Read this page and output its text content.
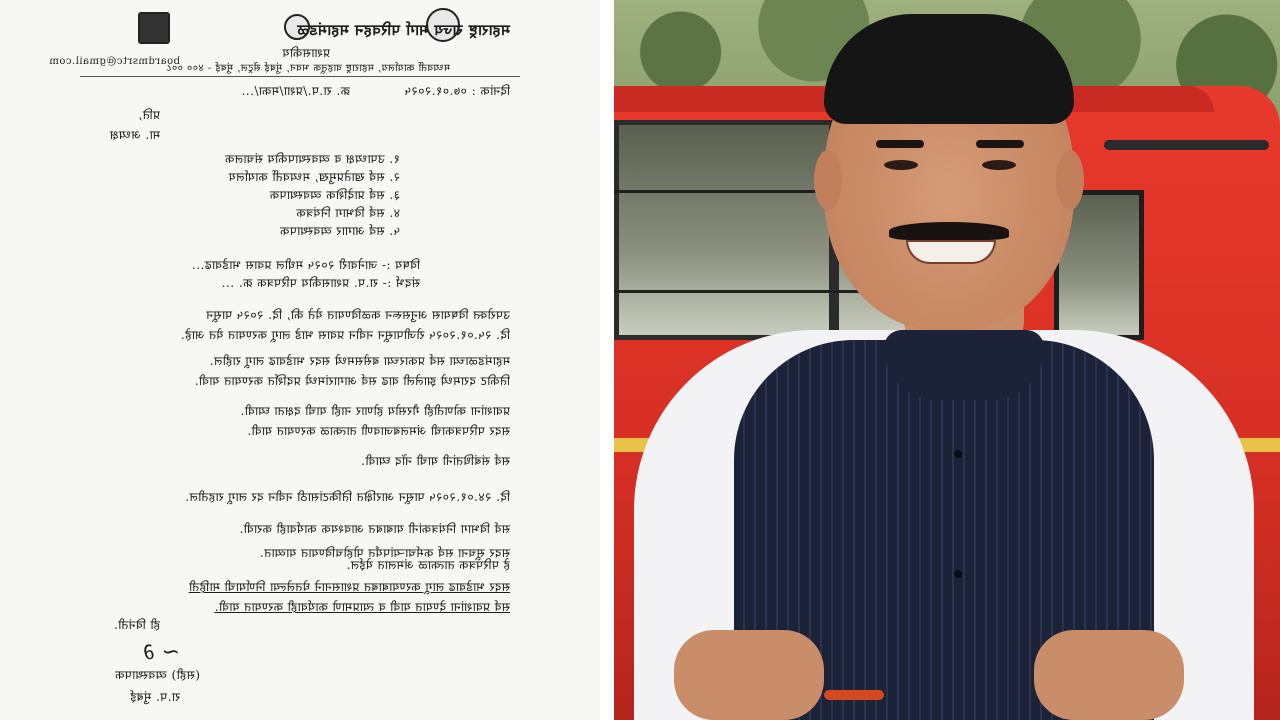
महाराष्ट्र राज्य मार्ग परिवहन महामंडळ
प्रशासकीय
मध्यवर्ती कार्यालय, महाराष्ट्र वाहतूक भवन, मुंबई सेंट्रल, मुंबई - ४०० ००८
boardmsrtc@gmail.com
क्र. रा.प./प्रशा/मका/...	दिनांक : ०७.०१.२०२५
प्रति,
मा. अध्यक्ष
१. उपाध्यक्ष व व्यवस्थापकीय संचालक
२. सर्व खातेप्रमुख, मध्यवर्ती कार्यालय
३. सर्व प्रादेशिक व्यवस्थापक
४. सर्व विभाग नियंत्रक
५. सर्व आगार व्यवस्थापक
विषय :- जानेवारी २०२५ मधील प्रवास भाडेवाढ...
संदर्भ :- रा.प. प्रशासकीय परिपत्रक क्र. ...
उपरोक्त विषयास अनुसरून कळविण्यात येते की, दि. २०२५ पासून
दि. २५.०१.२०२५ रोजीपासून नवीन प्रवास भाडे लागू करण्यात येत आहे.
महामंडळाच्या सर्व प्रकारच्या बसेसमध्ये सदर भाडेवाढ लागू राहील.
तिकीट दरामध्ये झालेली वाढ सर्व आगारांमध्ये प्रदर्शित करण्यात यावी.
प्रवाशांना कोणतीही गैरसोय होणार नाही याची दक्षता घ्यावी.
सदर परिपत्रकाची अंमलबजावणी तात्काळ करण्यात यावी.
सर्व संबंधितांनी याची नोंद घ्यावी.
दि. २४.०१.२०२५ पासून आरक्षित तिकिटांसाठी नवीन दर लागू राहतील.
सर्व विभाग नियंत्रकांनी याबाबत आवश्यक कार्यवाही करावी.
सदर सूचना सर्व कर्मचाऱ्यांपर्यंत पोहोचविण्यात याव्यात.
हे परिपत्रक तात्काळ अंमलात येईल.
सदर भाडेवाढ लागू करण्याबाबत प्रशासनाने घेतलेल्या निर्णयाची माहिती
सर्व प्रवाशांना देण्यात यावी व त्याप्रमाणे कार्यवाही करण्यात यावी.
ही विनंती.
~ ∂
(सही) व्यवस्थापक
रा.प. मुंबई
